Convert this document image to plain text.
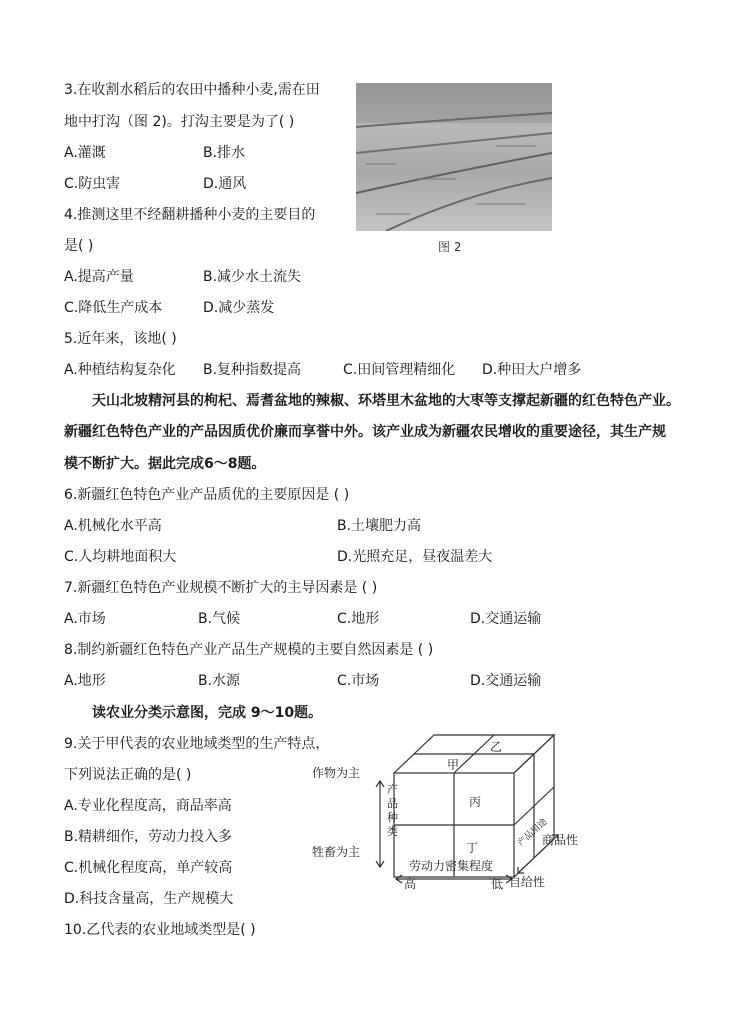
3.在收割水稻后的农田中播种小麦,需在田
地中打沟（图 2)。打沟主要是为了( )
A.灌溉	B.排水
C.防虫害	D.通风
4.推测这里不经翻耕播种小麦的主要目的
是( )
A.提高产量	B.减少水土流失
C.降低生产成本	D.减少蒸发
图 2
5.近年来，该地( )
A.种植结构复杂化 B.复种指数提高	C.田间管理精细化 D.种田大户增多
天山北坡精河县的枸杞、焉耆盆地的辣椒、环塔里木盆地的大枣等支撑起新疆的红色特色产业。
新疆红色特色产业的产品因质优价廉而享誉中外。该产业成为新疆农民增收的重要途径，其生产规
模不断扩大。据此完成6～8题。
6.新疆红色特色产业产品质优的主要原因是 ( )
A.机械化水平高	B.土壤肥力高
C.人均耕地面积大	D.光照充足，昼夜温差大
7.新疆红色特色产业规模不断扩大的主导因素是 ( )
A.市场	B.气候	C.地形	D.交通运输
8.制约新疆红色特色产业产品生产规模的主要自然因素是 ( )
A.地形	B.水源	C.市场	D.交通运输
读农业分类示意图，完成 9～10题。
9.关于甲代表的农业地域类型的生产特点，
下列说法正确的是( )
A.专业化程度高，商品率高
B.精耕细作，劳动力投入多
C.机械化程度高，单产较高
D.科技含量高，生产规模大
10.乙代表的农业地域类型是( )
甲
乙
丙
丁
作物为主
牲畜为主
产
品
种
类
劳动力密集程度
高	低
商品性
自给性
产品用途
